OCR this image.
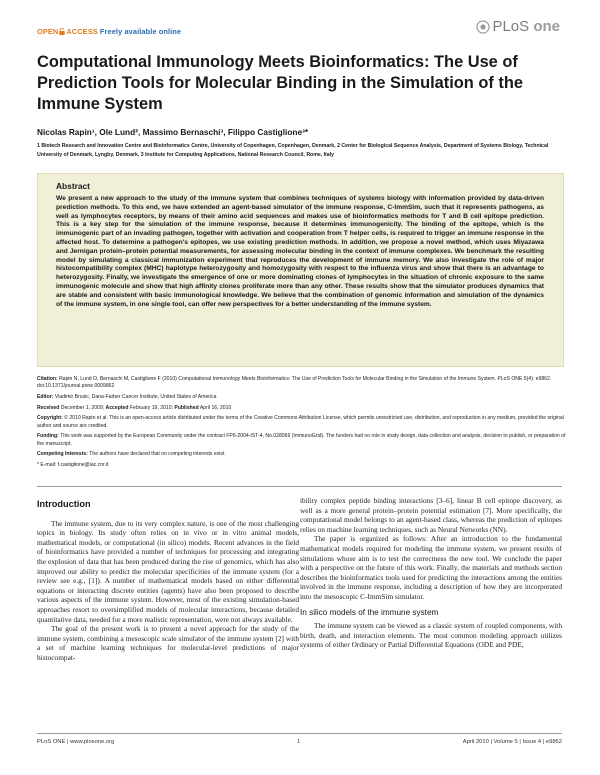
OPEN ACCESS Freely available online	PLoS one
Computational Immunology Meets Bioinformatics: The Use of Prediction Tools for Molecular Binding in the Simulation of the Immune System
Nicolas Rapin¹, Ole Lund², Massimo Bernaschi³, Filippo Castiglione³*
1 Biotech Research and Innovation Centre and Bioinformatics Centre, University of Copenhagen, Copenhagen, Denmark, 2 Center for Biological Sequence Analysis, Department of Systems Biology, Technical University of Denmark, Lyngby, Denmark, 3 Institute for Computing Applications, National Research Council, Rome, Italy
Abstract
We present a new approach to the study of the immune system that combines techniques of systems biology with information provided by data-driven prediction methods. To this end, we have extended an agent-based simulator of the immune response, C-ImmSim, such that it represents pathogens, as well as lymphocytes receptors, by means of their amino acid sequences and makes use of bioinformatics methods for T and B cell epitope prediction. This is a key step for the simulation of the immune response, because it determines immunogenicity. The binding of the epitope, which is the immunogenic part of an invading pathogen, together with activation and cooperation from T helper cells, is required to trigger an immune response in the affected host. To determine a pathogen's epitopes, we use existing prediction methods. In addition, we propose a novel method, which uses Miyazawa and Jernigan protein–protein potential measurements, for assessing molecular binding in the context of immune complexes. We benchmark the resulting model by simulating a classical immunization experiment that reproduces the development of immune memory. We also investigate the role of major histocompatibility complex (MHC) haplotype heterozygosity and homozygosity with respect to the influenza virus and show that there is an advantage to heterozygosity. Finally, we investigate the emergence of one or more dominating clones of lymphocytes in the situation of chronic exposure to the same immunogenic molecule and show that high affinity clones proliferate more than any other. These results show that the simulator produces dynamics that are stable and consistent with basic immunological knowledge. We believe that the combination of genomic information and simulation of the dynamics of the immune system, in one single tool, can offer new perspectives for a better understanding of the immune system.

Citation: Rapin N, Lund O, Bernaschi M, Castiglione F (2010) Computational Immunology Meets Bioinformatics: The Use of Prediction Tools for Molecular Binding in the Simulation of the Immune System. PLoS ONE 5(4): e9862. doi:10.1371/journal.pone.0009862

Editor: Vladimir Brusic, Dana-Farber Cancer Institute, United States of America

Received December 1, 2009; Accepted February 19, 2010; Published April 16, 2010

Copyright: © 2010 Rapin et al. This is an open-access article distributed under the terms of the Creative Commons Attribution License, which permits unrestricted use, distribution, and reproduction in any medium, provided the original author and source are credited.

Funding: This work was supported by the European Community under the contract FP6-2004-IST-4, No.028069 (ImmunoGrid). The funders had no role in study design, data collection and analysis, decision to publish, or preparation of the manuscript.

Competing Interests: The authors have declared that no competing interests exist.

* E-mail: f.castiglione@iac.cnr.it

Introduction

The immune system, due to its very complex nature, is one of the most challenging topics in biology. Its study often relies on in vivo or in vitro animal models, mathematical models, or computational (in silico) models. Recent advances in the field of bioinformatics have provided a number of techniques for processing and integrating the explosion of data that has been produced during the rise of genomics, which has also improved our ability to predict the molecular specificities of the immune system (for a review see e.g., [1]). A number of mathematical models based on either differential equations or interacting discrete entities (agents) have also been proposed to describe various aspects of the immune system. However, most of the existing simulation-based approaches resort to oversimplified models of molecular interactions, because detailed quantitative data, needed for a more realistic representation, were not always available.

The goal of the present work is to present a novel approach for the study of the immune system, combining a mesoscopic scale simulator of the immune system [2] with a set of machine learning techniques for molecular-level predictions of major histocompat-

ibility complex peptide binding interactions [3–6], linear B cell epitope discovery, as well as a more general protein–protein potential estimation [7]. More specifically, the computational model belongs to an agent-based class, whereas the prediction of epitopes relies on machine learning techniques, such as Neural Networks (NN).

The paper is organized as follows: After an introduction to the fundamental mathematical models required for modeling the immune system, we present results of simulations whose aim is to test the correctness the new tool. We conclude the paper with a perspective on the future of this work. Finally, the materials and methods section describes the bioinformatics tools used for predicting the interactions among the entities involved in the immune response, including a description of how they are incorporated into the mesoscopic C-ImmSim simulator.

In silico models of the immune system

The immune system can be viewed as a classic system of coupled components, with birth, death, and interaction elements. The most common modeling approach utilizes systems of either Ordinary or Partial Differential Equations (ODE and PDE,

PLoS ONE | www.plosone.org	1	April 2010 | Volume 5 | Issue 4 | e9862
